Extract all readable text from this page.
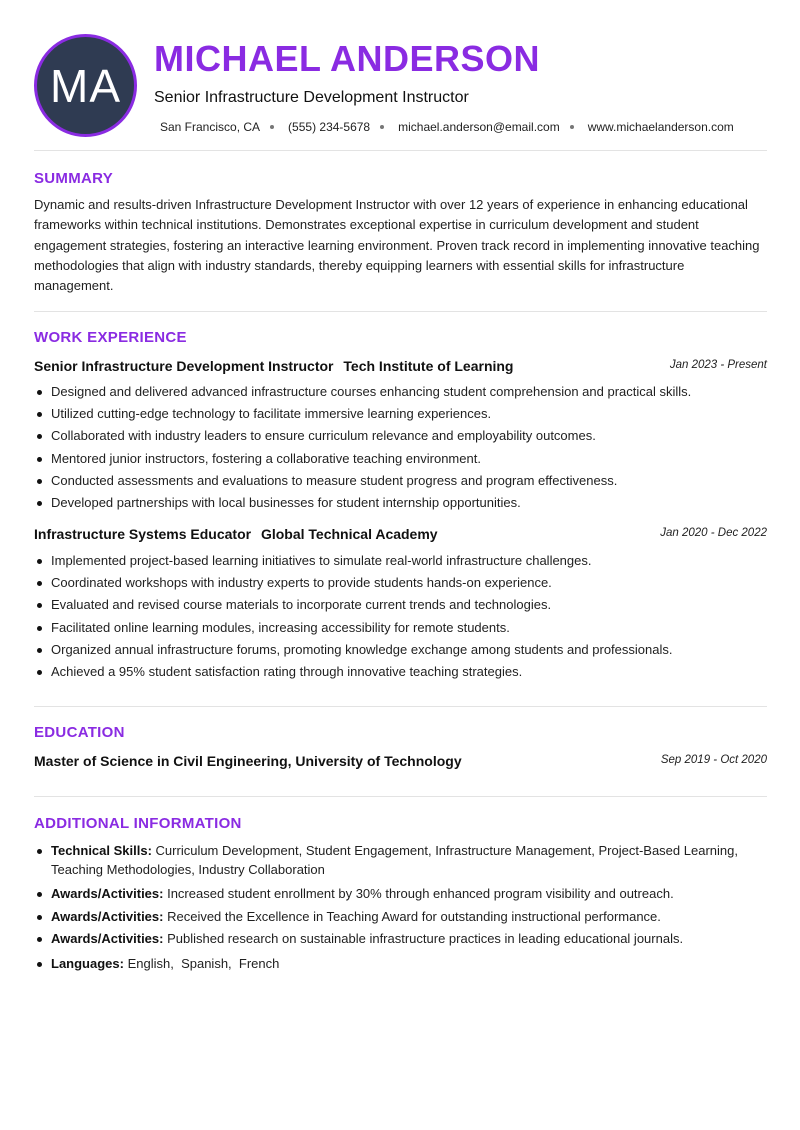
MA
MICHAEL ANDERSON
Senior Infrastructure Development Instructor
San Francisco, CA (555) 234-5678 michael.anderson@email.com www.michaelanderson.com
SUMMARY
Dynamic and results-driven Infrastructure Development Instructor with over 12 years of experience in enhancing educational frameworks within technical institutions. Demonstrates exceptional expertise in curriculum development and student engagement strategies, fostering an interactive learning environment. Proven track record in implementing innovative teaching methodologies that align with industry standards, thereby equipping learners with essential skills for infrastructure management.
WORK EXPERIENCE
Senior Infrastructure Development Instructor Tech Institute of Learning	Jan 2023 - Present
Designed and delivered advanced infrastructure courses enhancing student comprehension and practical skills.
Utilized cutting-edge technology to facilitate immersive learning experiences.
Collaborated with industry leaders to ensure curriculum relevance and employability outcomes.
Mentored junior instructors, fostering a collaborative teaching environment.
Conducted assessments and evaluations to measure student progress and program effectiveness.
Developed partnerships with local businesses for student internship opportunities.
Infrastructure Systems Educator Global Technical Academy	Jan 2020 - Dec 2022
Implemented project-based learning initiatives to simulate real-world infrastructure challenges.
Coordinated workshops with industry experts to provide students hands-on experience.
Evaluated and revised course materials to incorporate current trends and technologies.
Facilitated online learning modules, increasing accessibility for remote students.
Organized annual infrastructure forums, promoting knowledge exchange among students and professionals.
Achieved a 95% student satisfaction rating through innovative teaching strategies.
EDUCATION
Master of Science in Civil Engineering, University of Technology	Sep 2019 - Oct 2020
ADDITIONAL INFORMATION
Technical Skills: Curriculum Development, Student Engagement, Infrastructure Management, Project-Based Learning, Teaching Methodologies, Industry Collaboration
Awards/Activities: Increased student enrollment by 30% through enhanced program visibility and outreach.
Awards/Activities: Received the Excellence in Teaching Award for outstanding instructional performance.
Awards/Activities: Published research on sustainable infrastructure practices in leading educational journals.
Languages: English,  Spanish,  French
